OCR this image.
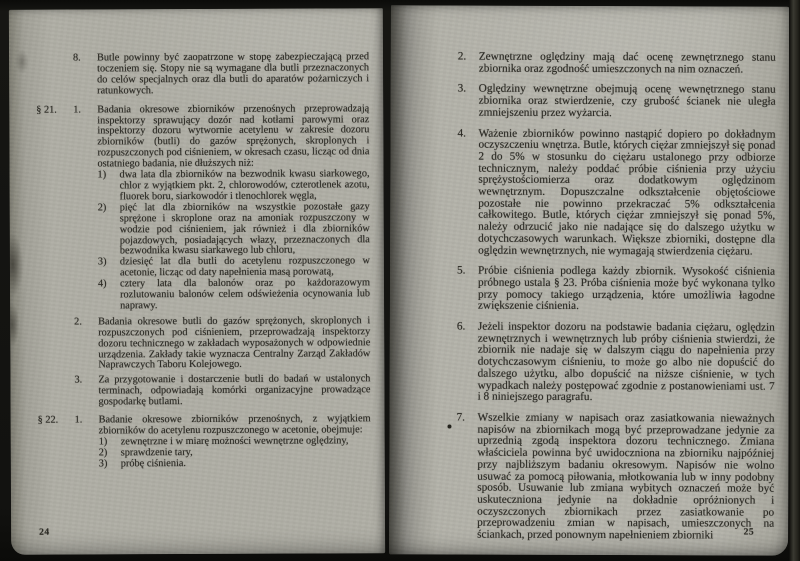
8.	Butle powinny być zaopatrzone w stopę zabezpieczającą przed toczeniem się. Stopy nie są wymagane dla butli przeznaczonych do celów specjalnych oraz dla butli do aparatów pożarniczych i ratunkowych.
§ 21.	1.	Badania okresowe zbiorników przenośnych przeprowadzają inspektorzy sprawujący dozór nad kotłami parowymi oraz inspektorzy dozoru wytwornie acetylenu w zakresie dozoru zbiorników (butli) do gazów sprężonych, skroplonych i rozpuszczonych pod ciśnieniem, w okresach czasu, licząc od dnia ostatniego badania, nie dłuższych niż:
1)	dwa lata dla zbiorników na bezwodnik kwasu siarkowego, chlor z wyjątkiem pkt. 2, chlorowodów, czterotlenek azotu, fluorek boru, siarkowodór i tlenochlorek węgla,
2)	pięć lat dla zbiorników na wszystkie pozostałe gazy sprężone i skroplone oraz na amoniak rozpuszczony w wodzie pod ciśnieniem, jak również i dla zbiorników pojazdowych, posiadających włazy, przeznaczonych dla bezwodnika kwasu siarkawego lub chloru,
3)	dziesięć lat dla butli do acetylenu rozpuszczonego w acetonie, licząc od daty napełnienia masą porowatą,
4)	cztery lata dla balonów oraz po każdorazowym rozlutowaniu balonów celem odświeżenia ocynowania lub naprawy.
2.	Badania okresowe butli do gazów sprężonych, skroplonych i rozpuszczonych pod ciśnieniem, przeprowadzają inspektorzy dozoru technicznego w zakładach wyposażonych w odpowiednie urządzenia. Zakłady takie wyznacza Centralny Zarząd Zakładów Naprawczych Taboru Kolejowego.
3.	Za przygotowanie i dostarczenie butli do badań w ustalonych terminach, odpowiadają komórki organizacyjne prowadzące gospodarkę butlami.
§ 22.	1.	Badanie okresowe zbiorników przenośnych, z wyjątkiem zbiorników do acetylenu rozpuszczonego w acetonie, obejmuje:
1)	zewnętrzne i w miarę możności wewnętrzne oględziny,
2)	sprawdzenie tary,
3)	próbę ciśnienia.
24
2.	Zewnętrzne oględziny mają dać ocenę zewnętrznego stanu zbiornika oraz zgodność umieszczonych na nim oznaczeń.
3.	Oględziny wewnętrzne obejmują ocenę wewnętrznego stanu zbiornika oraz stwierdzenie, czy grubość ścianek nie uległa zmniejszeniu przez wyżarcia.
4.	Ważenie zbiorników powinno nastąpić dopiero po dokładnym oczyszczeniu wnętrza. Butle, których ciężar zmniejszył się ponad 2 do 5% w stosunku do ciężaru ustalonego przy odbiorze technicznym, należy poddać próbie ciśnienia przy użyciu sprężystościomierza oraz dodatkowym oględzinom wewnętrznym. Dopuszczalne odkształcenie objętościowe pozostałe nie powinno przekraczać 5% odkształcenia całkowitego. Butle, których ciężar zmniejszył się ponad 5%, należy odrzucić jako nie nadające się do dalszego użytku w dotychczasowych warunkach. Większe zbiorniki, dostępne dla oględzin wewnętrznych, nie wymagają stwierdzenia ciężaru.
5.	Próbie ciśnienia podlega każdy zbiornik. Wysokość ciśnienia próbnego ustala § 23. Próba ciśnienia może być wykonana tylko przy pomocy takiego urządzenia, które umożliwia łagodne zwiększenie ciśnienia.
6.	Jeżeli inspektor dozoru na podstawie badania ciężaru, oględzin zewnętrznych i wewnętrznych lub próby ciśnienia stwierdzi, że zbiornik nie nadaje się w dalszym ciągu do napełnienia przy dotychczasowym ciśnieniu, to może go albo nie dopuścić do dalszego użytku, albo dopuścić na niższe ciśnienie, w tych wypadkach należy postępować zgodnie z postanowieniami ust. 7 i 8 niniejszego paragrafu.
7.	Wszelkie zmiany w napisach oraz zasiatkowania nieważnych napisów na zbiornikach mogą być przeprowadzane jedynie za uprzednią zgodą inspektora dozoru technicznego. Zmiana właściciela powinna być uwidoczniona na zbiorniku najpóźniej przy najbliższym badaniu okresowym. Napisów nie wolno usuwać za pomocą piłowania, młotkowania lub w inny podobny sposób. Usuwanie lub zmiana wybitych oznaczeń może być uskuteczniona jedynie na dokładnie opróżnionych i oczyszczonych zbiornikach przez zasiatkowanie po przeprowadzeniu zmian w napisach, umieszczonych na ściankach, przed ponownym napełnieniem zbiorniki	25
